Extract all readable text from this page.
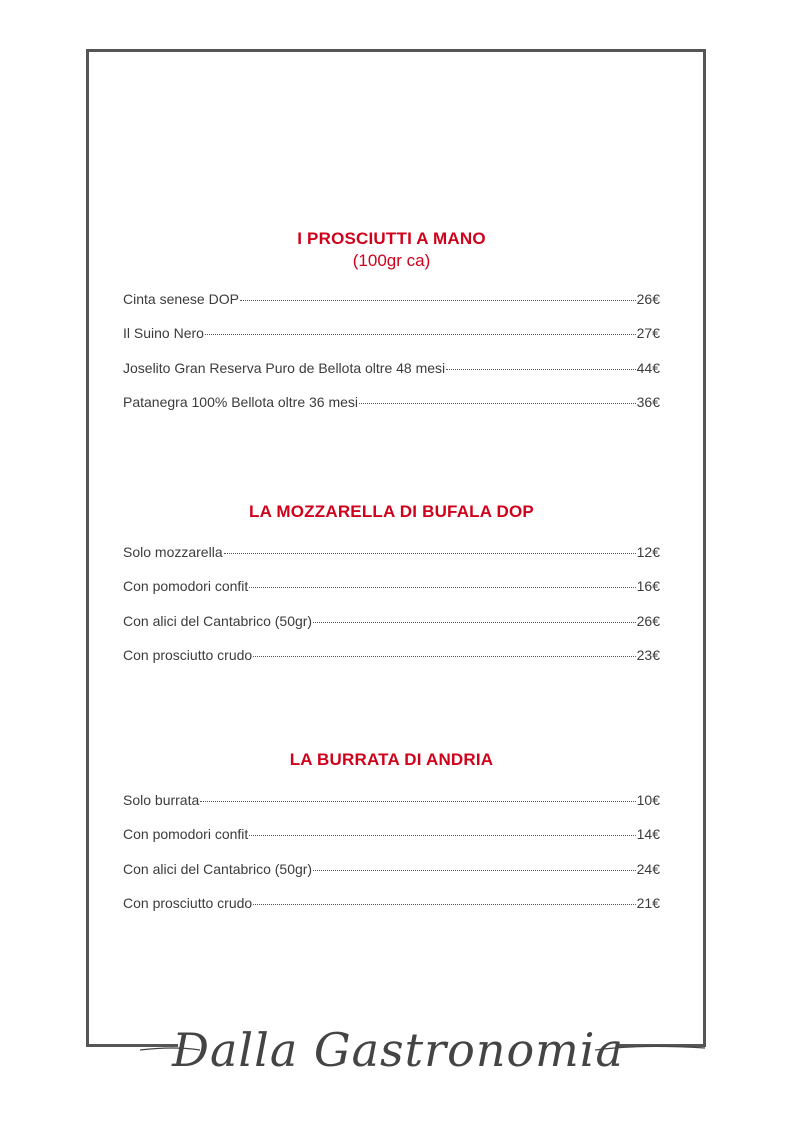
I PROSCIUTTI A MANO
(100gr ca)
Cinta senese DOP	26€
Il Suino Nero	27€
Joselito Gran Reserva Puro de Bellota oltre 48 mesi	44€
Patanegra 100% Bellota oltre 36 mesi	36€
LA MOZZARELLA DI BUFALA DOP
Solo mozzarella	12€
Con pomodori confit	16€
Con alici del Cantabrico (50gr)	26€
Con prosciutto crudo	23€
LA BURRATA DI ANDRIA
Solo burrata	10€
Con pomodori confit	14€
Con alici del Cantabrico (50gr)	24€
Con prosciutto crudo	21€
Dalla Gastronomia
